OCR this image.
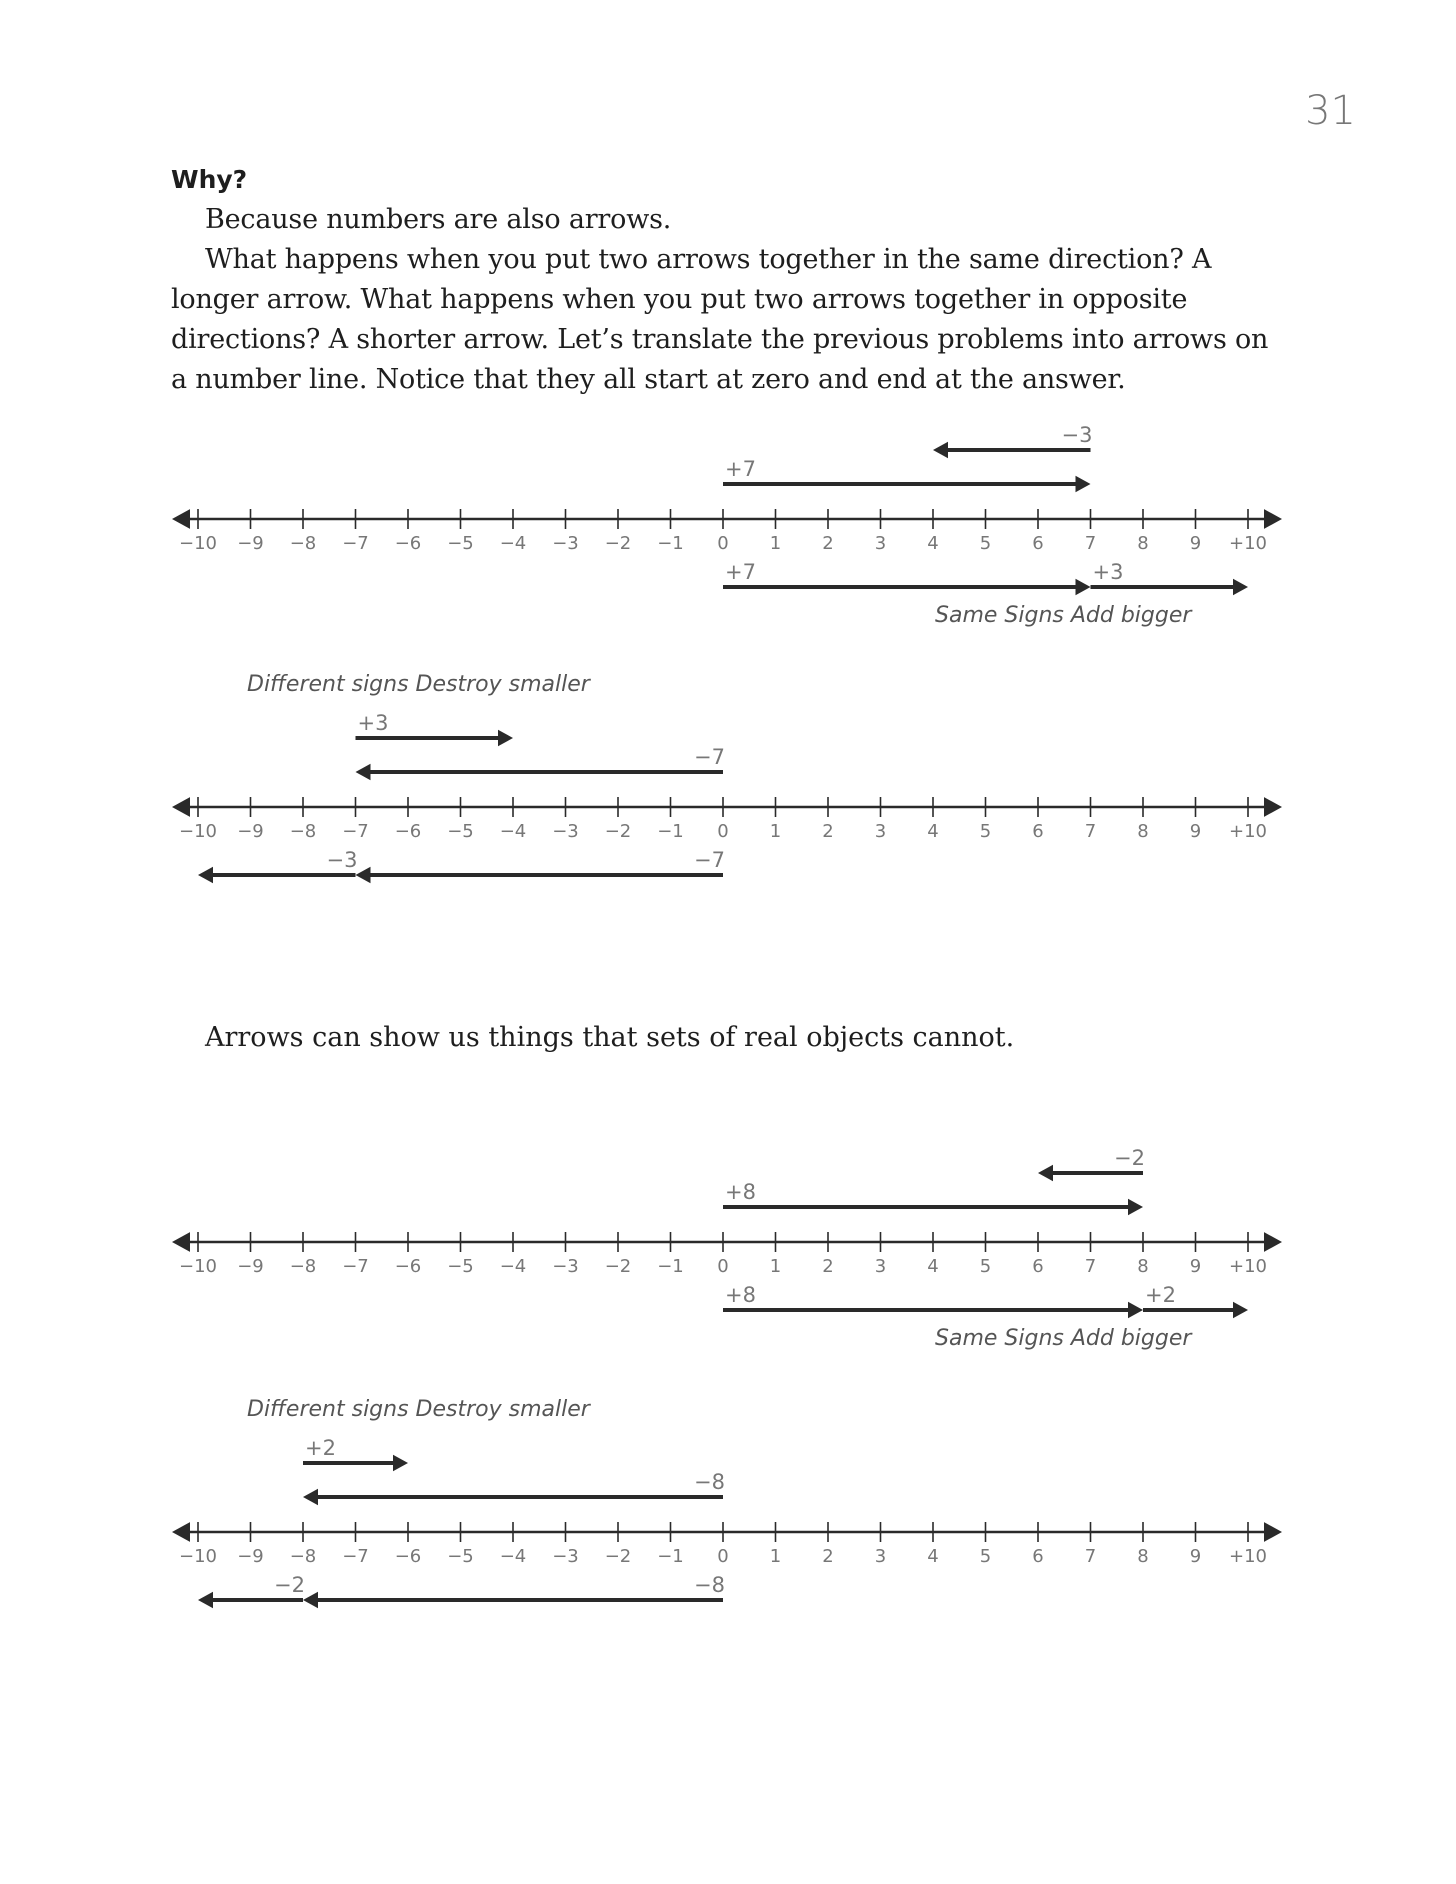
31
Why?

Because numbers are also arrows.

What happens when you put two arrows together in the same direction? A longer arrow. What happens when you put two arrows together in opposite directions? A shorter arrow. Let’s translate the previous problems into arrows on a number line. Notice that they all start at zero and end at the answer.

Arrows can show us things that sets of real objects cannot.

−10 −9 −8 −7 −6 −5 −4 −3 −2 −1 0 1 2 3 4 5 6 7 8 9 +10
+7
−3
+7	+3
Same Signs Add bigger
−10 −9 −8 −7 −6 −5 −4 −3 −2 −1 0 1 2 3 4 5 6 7 8 9 +10
+3
−7
−7
−3
Different signs Destroy smaller
−10 −9 −8 −7 −6 −5 −4 −3 −2 −1 0 1 2 3 4 5 6 7 8 9 +10
+8
−2
+8	+2
Same Signs Add bigger
−10 −9 −8 −7 −6 −5 −4 −3 −2 −1 0 1 2 3 4 5 6 7 8 9 +10
+2
−8
−8
−2
Different signs Destroy smaller
